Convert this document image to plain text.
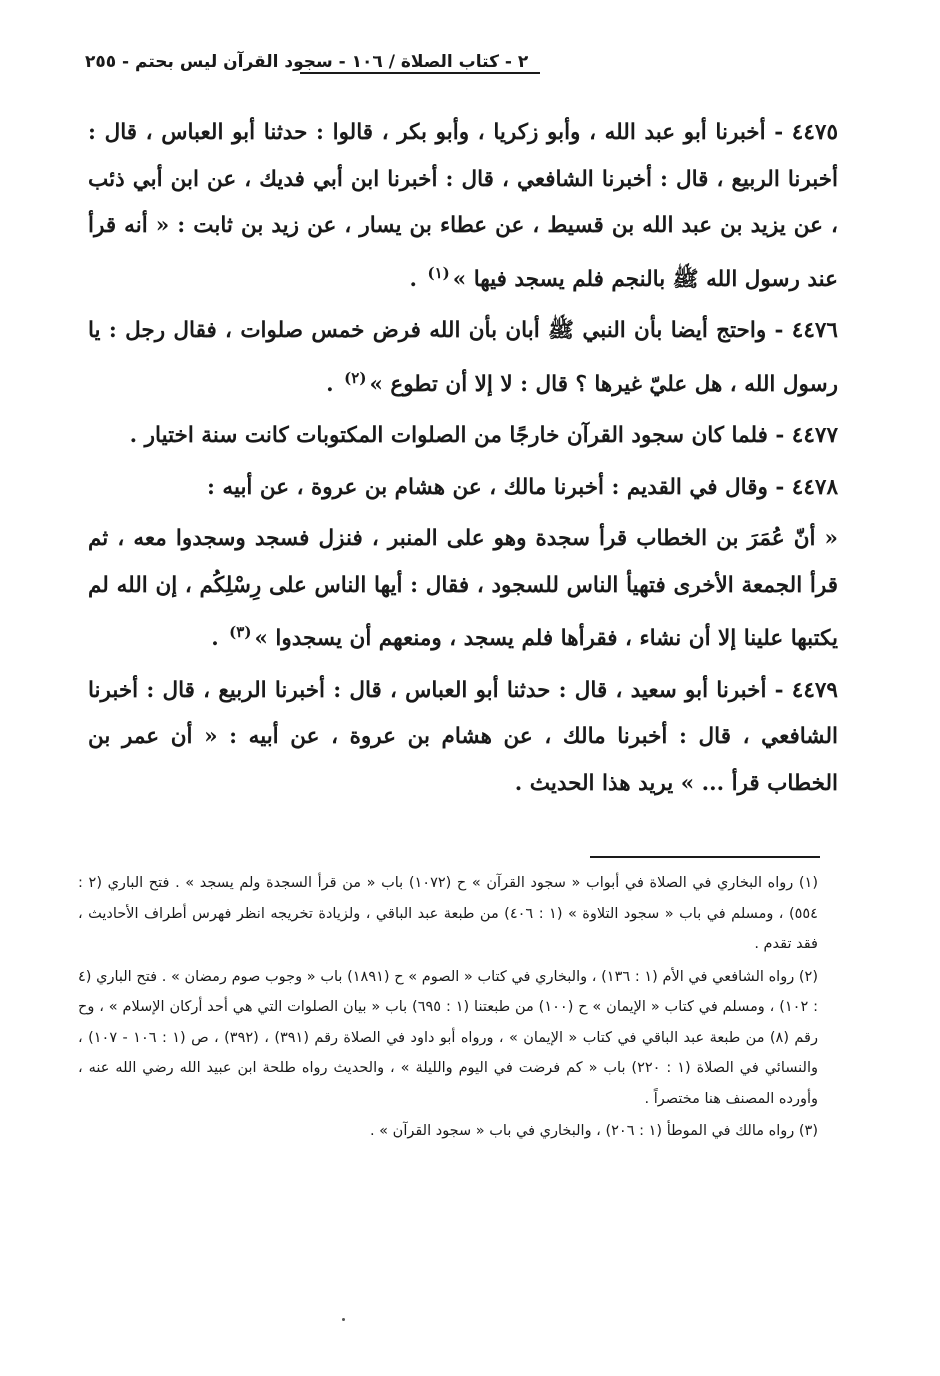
٢ - كتاب الصلاة / ١٠٦ - سجود القرآن ليس بحتم - ٢٥٥

٤٤٧٥ - أخبرنا أبو عبد الله ، وأبو زكريا ، وأبو بكر ، قالوا : حدثنا أبو العباس ، قال : أخبرنا الربيع ، قال : أخبرنا الشافعي ، قال : أخبرنا ابن أبي فديك ، عن ابن أبي ذئب ، عن يزيد بن عبد الله بن قسيط ، عن عطاء بن يسار ، عن زيد بن ثابت : « أنه قرأ عند رسول الله ﷺ بالنجم فلم يسجد فيها »$^{(١)}$ .

٤٤٧٦ - واحتج أيضا بأن النبي ﷺ أبان بأن الله فرض خمس صلوات ، فقال رجل : يا رسول الله ، هل عليّ غيرها ؟ قال : لا إلا أن تطوع »$^{(٢)}$ .

٤٤٧٧ - فلما كان سجود القرآن خارجًا من الصلوات المكتوبات كانت سنة اختيار .

٤٤٧٨ - وقال في القديم : أخبرنا مالك ، عن هشام بن عروة ، عن أبيه :

« أنّ عُمَرَ بن الخطاب قرأ سجدة وهو على المنبر ، فنزل فسجد وسجدوا معه ، ثم قرأ الجمعة الأخرى فتهيأ الناس للسجود ، فقال : أيها الناس على رِسْلِكُم ، إن الله لم يكتبها علينا إلا أن نشاء ، فقرأها فلم يسجد ، ومنعهم أن يسجدوا »$^{(٣)}$ .

٤٤٧٩ - أخبرنا أبو سعيد ، قال : حدثنا أبو العباس ، قال : أخبرنا الربيع ، قال : أخبرنا الشافعي ، قال : أخبرنا مالك ، عن هشام بن عروة ، عن أبيه : « أن عمر بن الخطاب قرأ ... » يريد هذا الحديث .

(١) رواه البخاري في الصلاة في أبواب « سجود القرآن » ح (١٠٧٢) باب « من قرأ السجدة ولم يسجد » . فتح الباري (٢ : ٥٥٤) ، ومسلم في باب « سجود التلاوة » (١ : ٤٠٦) من طبعة عبد الباقي ، ولزيادة تخريجه انظر فهرس أطراف الأحاديث ، فقد تقدم .

(٢) رواه الشافعي في الأم (١ : ١٣٦) ، والبخاري في كتاب « الصوم » ح (١٨٩١) باب « وجوب صوم رمضان » . فتح الباري (٤ : ١٠٢) ، ومسلم في كتاب « الإيمان » ح (١٠٠) من طبعتنا (١ : ٦٩٥) باب « بيان الصلوات التي هي أحد أركان الإسلام » ، وح رقم (٨) من طبعة عبد الباقي في كتاب « الإيمان » ، ورواه أبو داود في الصلاة رقم (٣٩١) ، (٣٩٢) ، ص (١ : ١٠٦ - ١٠٧) ، والنسائي في الصلاة (١ : ٢٢٠) باب « كم فرضت في اليوم والليلة » ، والحديث رواه طلحة ابن عبيد الله رضي الله عنه ، وأورده المصنف هنا مختصراً .

(٣) رواه مالك في الموطأ (١ : ٢٠٦) ، والبخاري في باب « سجود القرآن » .
